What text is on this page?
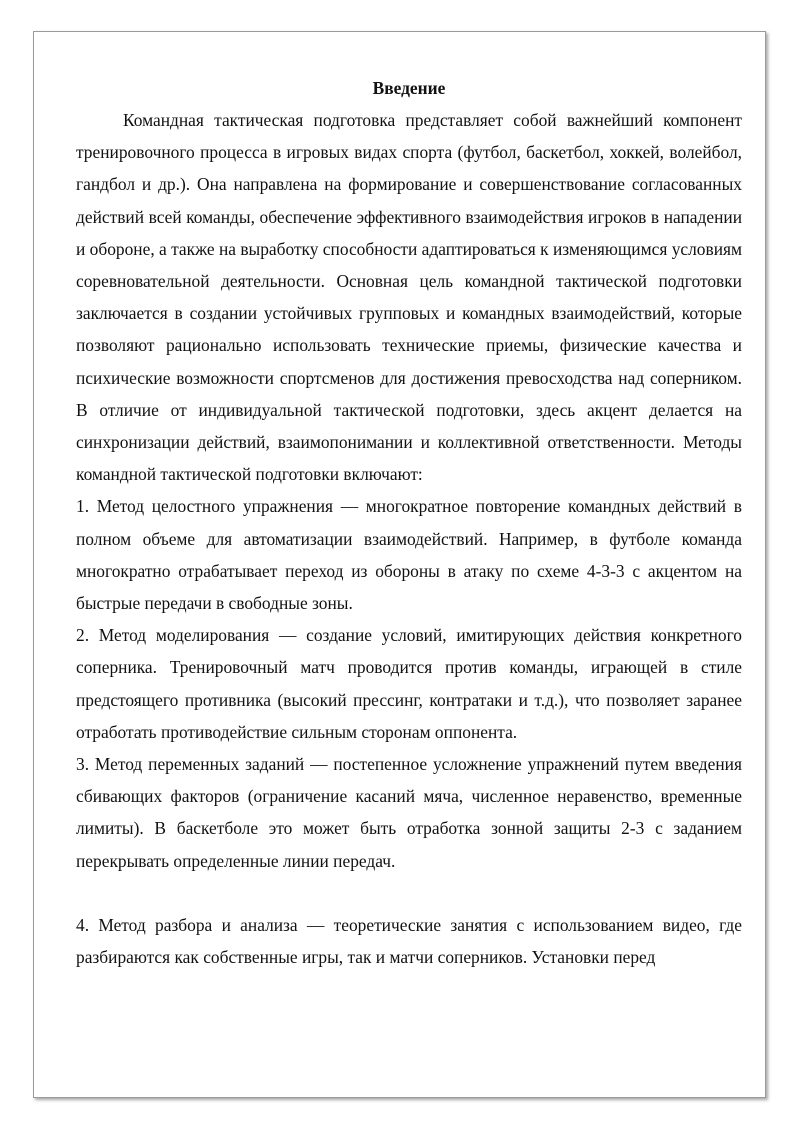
Введение

Командная тактическая подготовка представляет собой важнейший компонент тренировочного процесса в игровых видах спорта (футбол, баскетбол, хоккей, волейбол, гандбол и др.). Она направлена на формирование и совершенствование согласованных действий всей команды, обеспечение эффективного взаимодействия игроков в нападении и обороне, а также на выработку способности адаптироваться к изменяющимся условиям соревновательной деятельности. Основная цель командной тактической подготовки заключается в создании устойчивых групповых и командных взаимодействий, которые позволяют рационально использовать технические приемы, физические качества и психические возможности спортсменов для достижения превосходства над соперником. В отличие от индивидуальной тактической подготовки, здесь акцент делается на синхронизации действий, взаимопонимании и коллективной ответственности. Методы командной тактической подготовки включают:

1. Метод целостного упражнения — многократное повторение командных действий в полном объеме для автоматизации взаимодействий. Например, в футболе команда многократно отрабатывает переход из обороны в атаку по схеме 4-3-3 с акцентом на быстрые передачи в свободные зоны.

2. Метод моделирования — создание условий, имитирующих действия конкретного соперника. Тренировочный матч проводится против команды, играющей в стиле предстоящего противника (высокий прессинг, контратаки и т.д.), что позволяет заранее отработать противодействие сильным сторонам оппонента.

3. Метод переменных заданий — постепенное усложнение упражнений путем введения сбивающих факторов (ограничение касаний мяча, численное неравенство, временные лимиты). В баскетболе это может быть отработка зонной защиты 2-3 с заданием перекрывать определенные линии передач.

4. Метод разбора и анализа — теоретические занятия с использованием видео, где разбираются как собственные игры, так и матчи соперников. Установки перед
